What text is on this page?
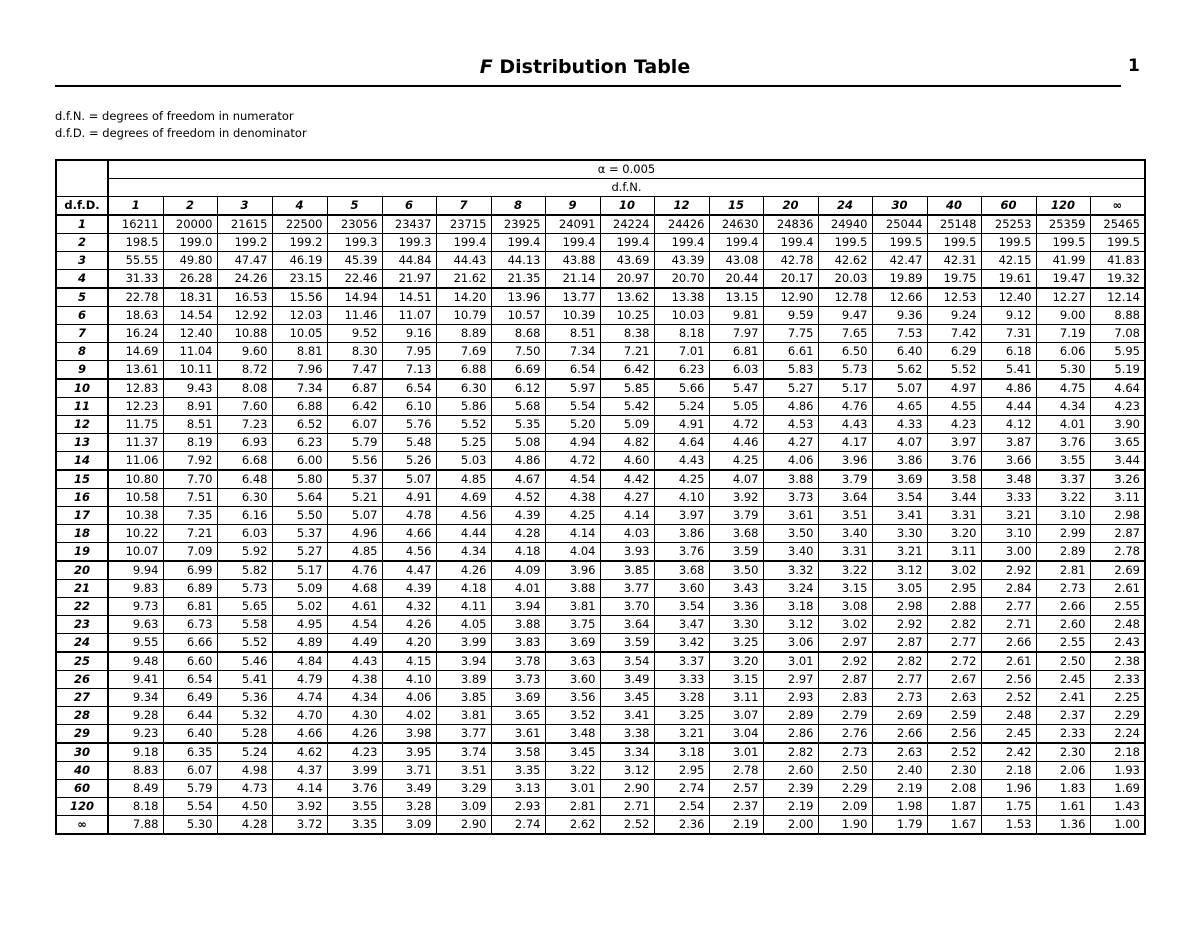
F Distribution Table	1
d.f.N. = degrees of freedom in numerator
d.f.D. = degrees of freedom in denominator
	α = 0.005																		
	d.f.N.																		
d.f.D.	1	2	3	4	5	6	7	8	9	10	12	15	20	24	30	40	60	120	∞
1	16211	20000	21615	22500	23056	23437	23715	23925	24091	24224	24426	24630	24836	24940	25044	25148	25253	25359	25465
2	198.5	199.0	199.2	199.2	199.3	199.3	199.4	199.4	199.4	199.4	199.4	199.4	199.4	199.5	199.5	199.5	199.5	199.5	199.5
3	55.55	49.80	47.47	46.19	45.39	44.84	44.43	44.13	43.88	43.69	43.39	43.08	42.78	42.62	42.47	42.31	42.15	41.99	41.83
4	31.33	26.28	24.26	23.15	22.46	21.97	21.62	21.35	21.14	20.97	20.70	20.44	20.17	20.03	19.89	19.75	19.61	19.47	19.32
5	22.78	18.31	16.53	15.56	14.94	14.51	14.20	13.96	13.77	13.62	13.38	13.15	12.90	12.78	12.66	12.53	12.40	12.27	12.14
6	18.63	14.54	12.92	12.03	11.46	11.07	10.79	10.57	10.39	10.25	10.03	9.81	9.59	9.47	9.36	9.24	9.12	9.00	8.88
7	16.24	12.40	10.88	10.05	9.52	9.16	8.89	8.68	8.51	8.38	8.18	7.97	7.75	7.65	7.53	7.42	7.31	7.19	7.08
8	14.69	11.04	9.60	8.81	8.30	7.95	7.69	7.50	7.34	7.21	7.01	6.81	6.61	6.50	6.40	6.29	6.18	6.06	5.95
9	13.61	10.11	8.72	7.96	7.47	7.13	6.88	6.69	6.54	6.42	6.23	6.03	5.83	5.73	5.62	5.52	5.41	5.30	5.19
10	12.83	9.43	8.08	7.34	6.87	6.54	6.30	6.12	5.97	5.85	5.66	5.47	5.27	5.17	5.07	4.97	4.86	4.75	4.64
11	12.23	8.91	7.60	6.88	6.42	6.10	5.86	5.68	5.54	5.42	5.24	5.05	4.86	4.76	4.65	4.55	4.44	4.34	4.23
12	11.75	8.51	7.23	6.52	6.07	5.76	5.52	5.35	5.20	5.09	4.91	4.72	4.53	4.43	4.33	4.23	4.12	4.01	3.90
13	11.37	8.19	6.93	6.23	5.79	5.48	5.25	5.08	4.94	4.82	4.64	4.46	4.27	4.17	4.07	3.97	3.87	3.76	3.65
14	11.06	7.92	6.68	6.00	5.56	5.26	5.03	4.86	4.72	4.60	4.43	4.25	4.06	3.96	3.86	3.76	3.66	3.55	3.44
15	10.80	7.70	6.48	5.80	5.37	5.07	4.85	4.67	4.54	4.42	4.25	4.07	3.88	3.79	3.69	3.58	3.48	3.37	3.26
16	10.58	7.51	6.30	5.64	5.21	4.91	4.69	4.52	4.38	4.27	4.10	3.92	3.73	3.64	3.54	3.44	3.33	3.22	3.11
17	10.38	7.35	6.16	5.50	5.07	4.78	4.56	4.39	4.25	4.14	3.97	3.79	3.61	3.51	3.41	3.31	3.21	3.10	2.98
18	10.22	7.21	6.03	5.37	4.96	4.66	4.44	4.28	4.14	4.03	3.86	3.68	3.50	3.40	3.30	3.20	3.10	2.99	2.87
19	10.07	7.09	5.92	5.27	4.85	4.56	4.34	4.18	4.04	3.93	3.76	3.59	3.40	3.31	3.21	3.11	3.00	2.89	2.78
20	9.94	6.99	5.82	5.17	4.76	4.47	4.26	4.09	3.96	3.85	3.68	3.50	3.32	3.22	3.12	3.02	2.92	2.81	2.69
21	9.83	6.89	5.73	5.09	4.68	4.39	4.18	4.01	3.88	3.77	3.60	3.43	3.24	3.15	3.05	2.95	2.84	2.73	2.61
22	9.73	6.81	5.65	5.02	4.61	4.32	4.11	3.94	3.81	3.70	3.54	3.36	3.18	3.08	2.98	2.88	2.77	2.66	2.55
23	9.63	6.73	5.58	4.95	4.54	4.26	4.05	3.88	3.75	3.64	3.47	3.30	3.12	3.02	2.92	2.82	2.71	2.60	2.48
24	9.55	6.66	5.52	4.89	4.49	4.20	3.99	3.83	3.69	3.59	3.42	3.25	3.06	2.97	2.87	2.77	2.66	2.55	2.43
25	9.48	6.60	5.46	4.84	4.43	4.15	3.94	3.78	3.63	3.54	3.37	3.20	3.01	2.92	2.82	2.72	2.61	2.50	2.38
26	9.41	6.54	5.41	4.79	4.38	4.10	3.89	3.73	3.60	3.49	3.33	3.15	2.97	2.87	2.77	2.67	2.56	2.45	2.33
27	9.34	6.49	5.36	4.74	4.34	4.06	3.85	3.69	3.56	3.45	3.28	3.11	2.93	2.83	2.73	2.63	2.52	2.41	2.25
28	9.28	6.44	5.32	4.70	4.30	4.02	3.81	3.65	3.52	3.41	3.25	3.07	2.89	2.79	2.69	2.59	2.48	2.37	2.29
29	9.23	6.40	5.28	4.66	4.26	3.98	3.77	3.61	3.48	3.38	3.21	3.04	2.86	2.76	2.66	2.56	2.45	2.33	2.24
30	9.18	6.35	5.24	4.62	4.23	3.95	3.74	3.58	3.45	3.34	3.18	3.01	2.82	2.73	2.63	2.52	2.42	2.30	2.18
40	8.83	6.07	4.98	4.37	3.99	3.71	3.51	3.35	3.22	3.12	2.95	2.78	2.60	2.50	2.40	2.30	2.18	2.06	1.93
60	8.49	5.79	4.73	4.14	3.76	3.49	3.29	3.13	3.01	2.90	2.74	2.57	2.39	2.29	2.19	2.08	1.96	1.83	1.69
120	8.18	5.54	4.50	3.92	3.55	3.28	3.09	2.93	2.81	2.71	2.54	2.37	2.19	2.09	1.98	1.87	1.75	1.61	1.43
∞	7.88	5.30	4.28	3.72	3.35	3.09	2.90	2.74	2.62	2.52	2.36	2.19	2.00	1.90	1.79	1.67	1.53	1.36	1.00
